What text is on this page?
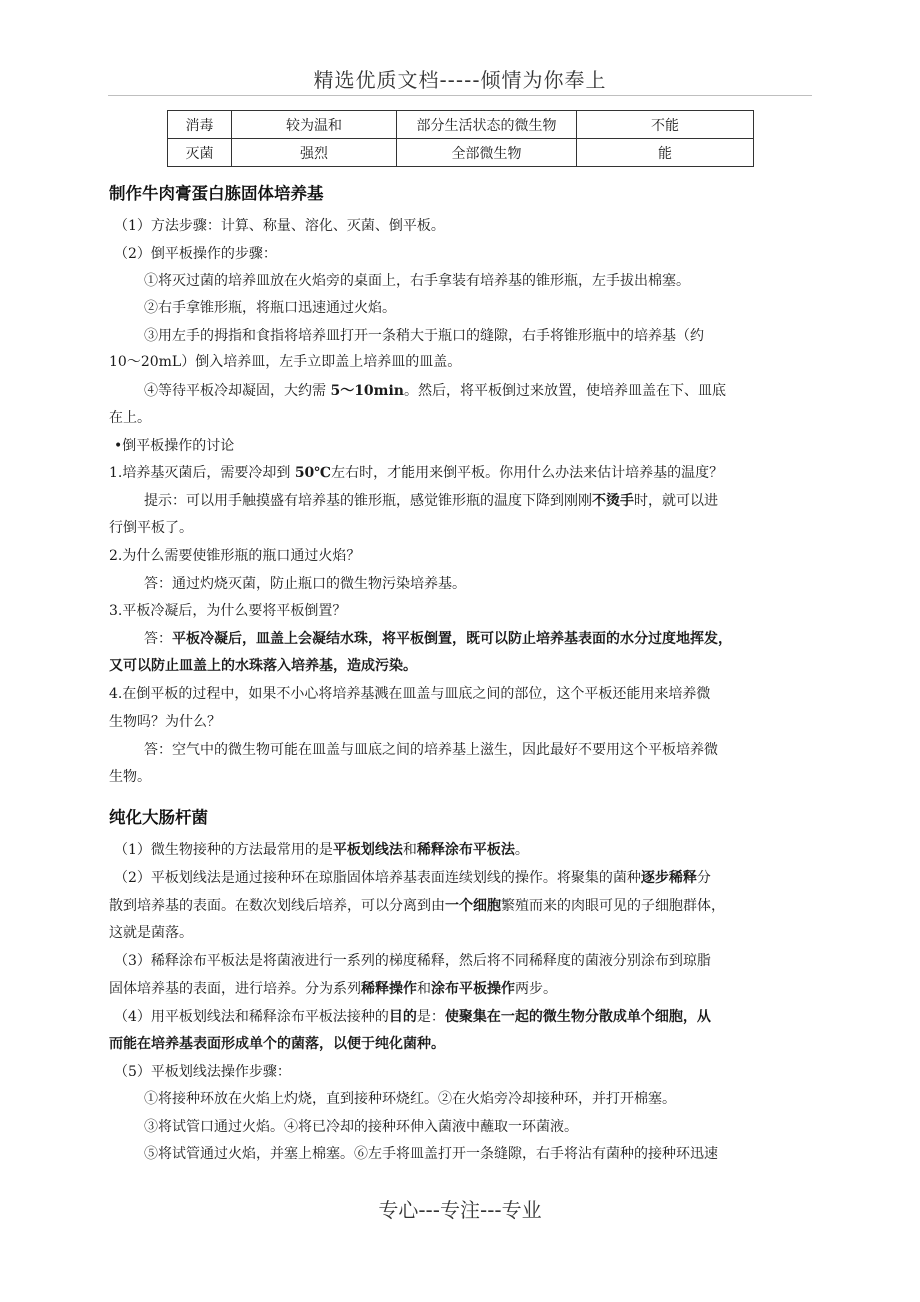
精选优质文档-----倾情为你奉上
消毒	较为温和	部分生活状态的微生物	不能
灭菌	强烈	全部微生物	能
制作牛肉膏蛋白胨固体培养基
（1）方法步骤：计算、称量、溶化、灭菌、倒平板。
（2）倒平板操作的步骤：
①将灭过菌的培养皿放在火焰旁的桌面上，右手拿装有培养基的锥形瓶，左手拔出棉塞。
②右手拿锥形瓶，将瓶口迅速通过火焰。
③用左手的拇指和食指将培养皿打开一条稍大于瓶口的缝隙，右手将锥形瓶中的培养基（约
10～20mL）倒入培养皿，左手立即盖上培养皿的皿盖。
④等待平板冷却凝固，大约需 5～10min。然后，将平板倒过来放置，使培养皿盖在下、皿底
在上。
•倒平板操作的讨论
1.培养基灭菌后，需要冷却到 50℃左右时，才能用来倒平板。你用什么办法来估计培养基的温度？
提示：可以用手触摸盛有培养基的锥形瓶，感觉锥形瓶的温度下降到刚刚不烫手时，就可以进
行倒平板了。
2.为什么需要使锥形瓶的瓶口通过火焰？
答：通过灼烧灭菌，防止瓶口的微生物污染培养基。
3.平板冷凝后，为什么要将平板倒置？
答：平板冷凝后，皿盖上会凝结水珠，将平板倒置，既可以防止培养基表面的水分过度地挥发，
又可以防止皿盖上的水珠落入培养基，造成污染。
4.在倒平板的过程中，如果不小心将培养基溅在皿盖与皿底之间的部位，这个平板还能用来培养微
生物吗？为什么？
答：空气中的微生物可能在皿盖与皿底之间的培养基上滋生，因此最好不要用这个平板培养微
生物。
纯化大肠杆菌
（1）微生物接种的方法最常用的是平板划线法和稀释涂布平板法。
（2）平板划线法是通过接种环在琼脂固体培养基表面连续划线的操作。将聚集的菌种逐步稀释分
散到培养基的表面。在数次划线后培养，可以分离到由一个细胞繁殖而来的肉眼可见的子细胞群体，
这就是菌落。
（3）稀释涂布平板法是将菌液进行一系列的梯度稀释，然后将不同稀释度的菌液分别涂布到琼脂
固体培养基的表面，进行培养。分为系列稀释操作和涂布平板操作两步。
（4）用平板划线法和稀释涂布平板法接种的目的是：使聚集在一起的微生物分散成单个细胞，从
而能在培养基表面形成单个的菌落，以便于纯化菌种。
（5）平板划线法操作步骤：
①将接种环放在火焰上灼烧，直到接种环烧红。②在火焰旁冷却接种环，并打开棉塞。
③将试管口通过火焰。④将已冷却的接种环伸入菌液中蘸取一环菌液。
⑤将试管通过火焰，并塞上棉塞。⑥左手将皿盖打开一条缝隙，右手将沾有菌种的接种环迅速
专心---专注---专业
